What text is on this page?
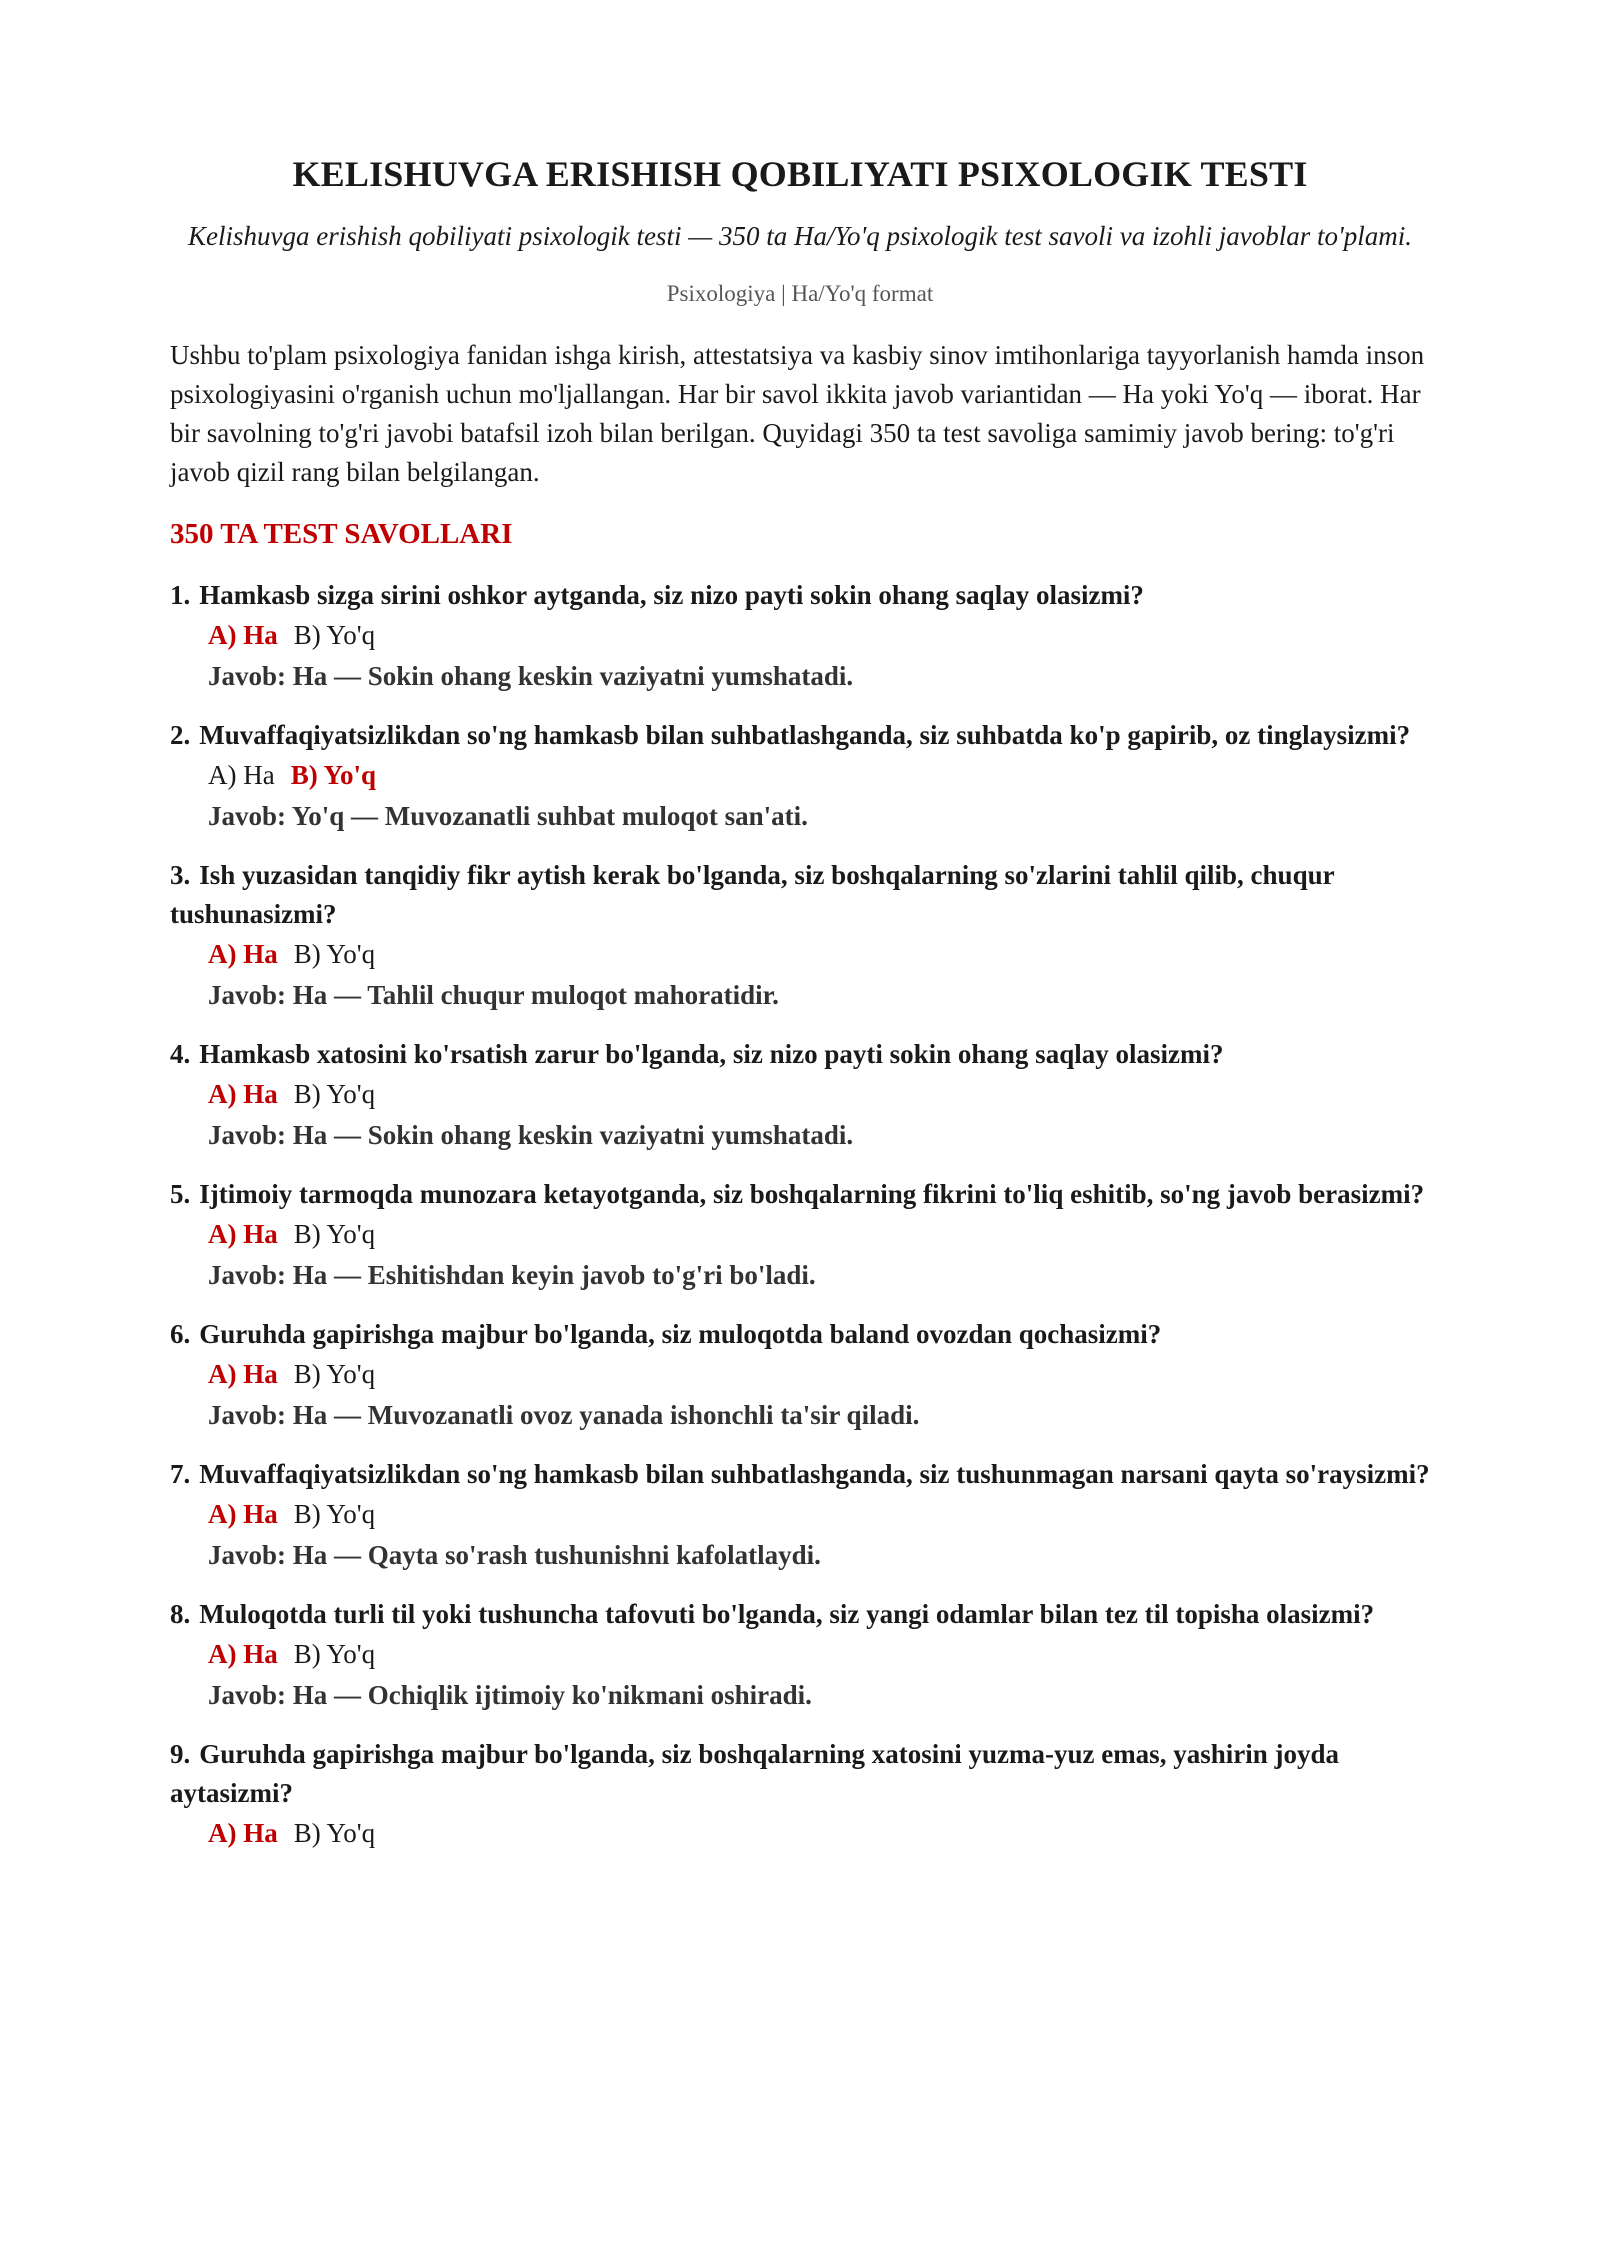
KELISHUVGA ERISHISH QOBILIYATI PSIXOLOGIK TESTI

Kelishuvga erishish qobiliyati psixologik testi — 350 ta Ha/Yo'q psixologik test savoli va izohli javoblar to'plami.

Psixologiya | Ha/Yo'q format

Ushbu to'plam psixologiya fanidan ishga kirish, attestatsiya va kasbiy sinov imtihonlariga tayyorlanish hamda inson psixologiyasini o'rganish uchun mo'ljallangan. Har bir savol ikkita javob variantidan — Ha yoki Yo'q — iborat. Har bir savolning to'g'ri javobi batafsil izoh bilan berilgan. Quyidagi 350 ta test savoliga samimiy javob bering: to'g'ri javob qizil rang bilan belgilangan.

350 TA TEST SAVOLLARI
1. Hamkasb sizga sirini oshkor aytganda, siz nizo payti sokin ohang saqlay olasizmi?
A) Ha B) Yo'q
Javob: Ha — Sokin ohang keskin vaziyatni yumshatadi.
2. Muvaffaqiyatsizlikdan so'ng hamkasb bilan suhbatlashganda, siz suhbatda ko'p gapirib, oz tinglaysizmi?
A) Ha B) Yo'q
Javob: Yo'q — Muvozanatli suhbat muloqot san'ati.
3. Ish yuzasidan tanqidiy fikr aytish kerak bo'lganda, siz boshqalarning so'zlarini tahlil qilib, chuqur tushunasizmi?
A) Ha B) Yo'q
Javob: Ha — Tahlil chuqur muloqot mahoratidir.
4. Hamkasb xatosini ko'rsatish zarur bo'lganda, siz nizo payti sokin ohang saqlay olasizmi?
A) Ha B) Yo'q
Javob: Ha — Sokin ohang keskin vaziyatni yumshatadi.
5. Ijtimoiy tarmoqda munozara ketayotganda, siz boshqalarning fikrini to'liq eshitib, so'ng javob berasizmi?
A) Ha B) Yo'q
Javob: Ha — Eshitishdan keyin javob to'g'ri bo'ladi.
6. Guruhda gapirishga majbur bo'lganda, siz muloqotda baland ovozdan qochasizmi?
A) Ha B) Yo'q
Javob: Ha — Muvozanatli ovoz yanada ishonchli ta'sir qiladi.
7. Muvaffaqiyatsizlikdan so'ng hamkasb bilan suhbatlashganda, siz tushunmagan narsani qayta so'raysizmi?
A) Ha B) Yo'q
Javob: Ha — Qayta so'rash tushunishni kafolatlaydi.
8. Muloqotda turli til yoki tushuncha tafovuti bo'lganda, siz yangi odamlar bilan tez til topisha olasizmi?
A) Ha B) Yo'q
Javob: Ha — Ochiqlik ijtimoiy ko'nikmani oshiradi.
9. Guruhda gapirishga majbur bo'lganda, siz boshqalarning xatosini yuzma-yuz emas, yashirin joyda aytasizmi?
A) Ha B) Yo'q
